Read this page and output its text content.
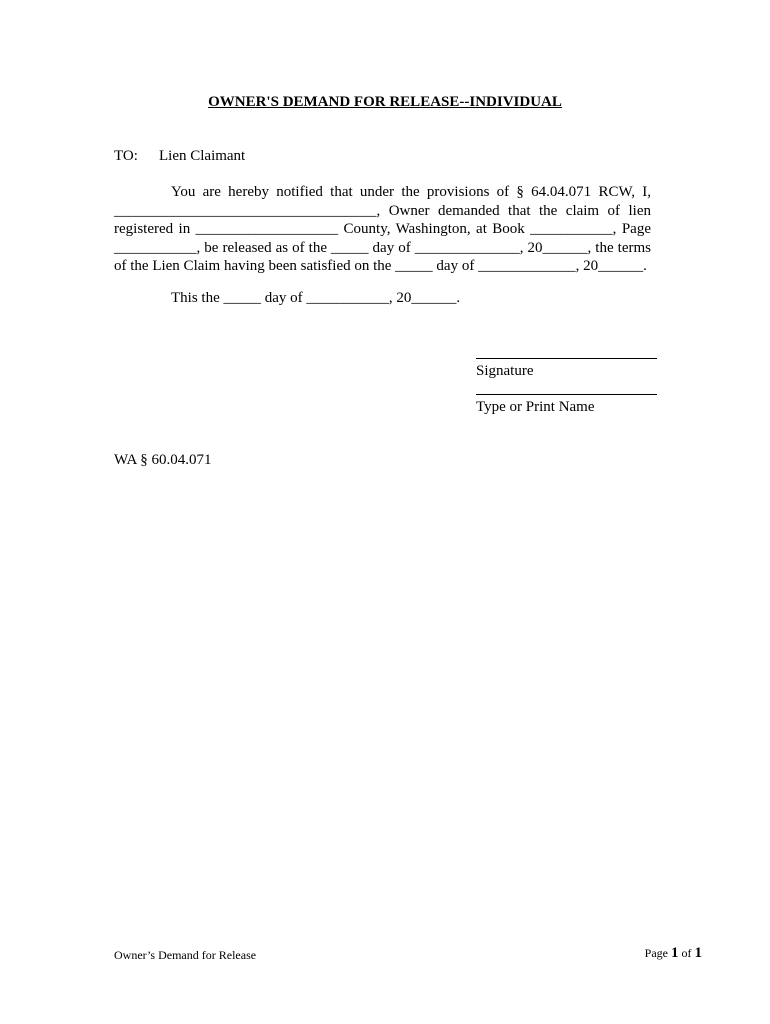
OWNER'S DEMAND FOR RELEASE--INDIVIDUAL
TO: Lien Claimant
You are hereby notified that under the provisions of § 64.04.071 RCW, I,
___________________________________, Owner demanded that the claim of lien
registered in ___________________ County, Washington, at Book ___________, Page
___________, be released as of the _____ day of ______________, 20______, the terms
of the Lien Claim having been satisfied on the _____ day of _____________, 20______.
This the _____ day of ___________, 20______.
Signature
Type or Print Name
WA § 60.04.071
Owner’s Demand for Release	Page 1 of 1
